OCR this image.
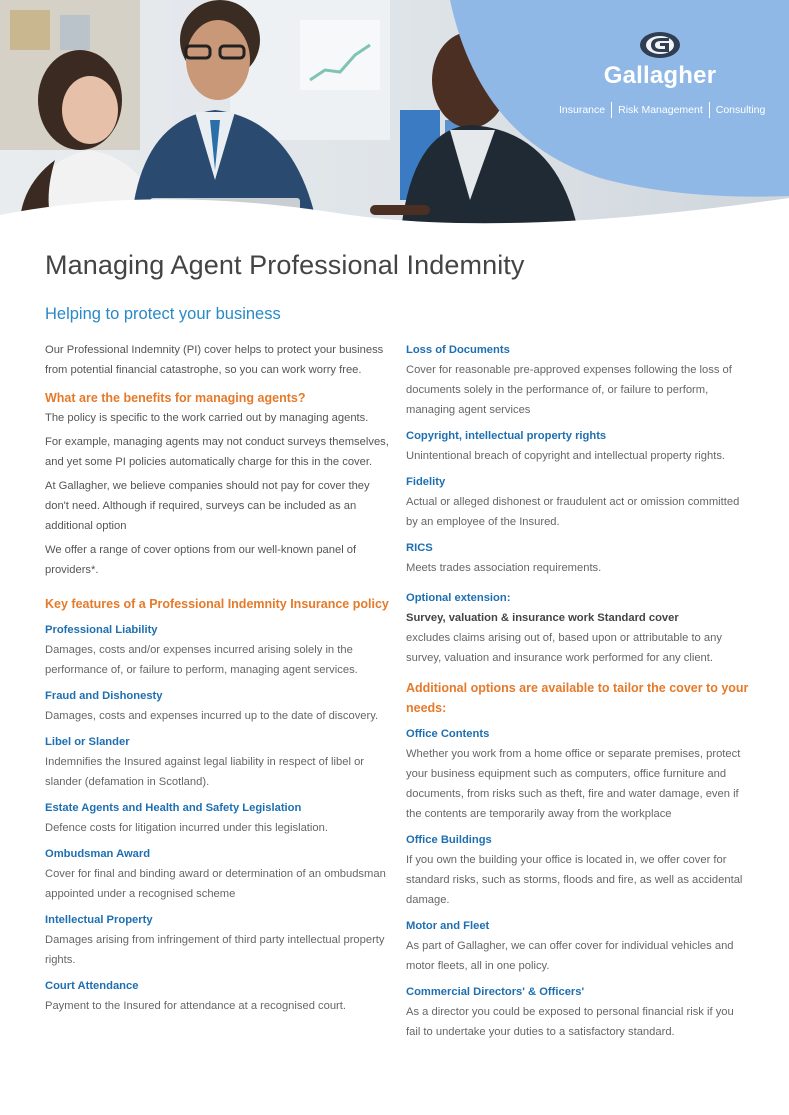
Gallagher
Insurance Risk Management Consulting
Managing Agent Professional Indemnity
Helping to protect your business

Our Professional Indemnity (PI) cover helps to protect your business from potential financial catastrophe, so you can work worry free.

What are the benefits for managing agents?

The policy is specific to the work carried out by managing agents.

For example, managing agents may not conduct surveys themselves, and yet some PI policies automatically charge for this in the cover.

At Gallagher, we believe companies should not pay for cover they don't need. Although if required, surveys can be included as an additional option

We offer a range of cover options from our well-known panel of providers*.

Key features of a Professional Indemnity Insurance policy

Professional Liability

Damages, costs and/or expenses incurred arising solely in the performance of, or failure to perform, managing agent services.

Fraud and Dishonesty

Damages, costs and expenses incurred up to the date of discovery.

Libel or Slander

Indemnifies the Insured against legal liability in respect of libel or slander (defamation in Scotland).

Estate Agents and Health and Safety Legislation

Defence costs for litigation incurred under this legislation.

Ombudsman Award

Cover for final and binding award or determination of an ombudsman appointed under a recognised scheme

Intellectual Property

Damages arising from infringement of third party intellectual property rights.

Court Attendance

Payment to the Insured for attendance at a recognised court.

Loss of Documents

Cover for reasonable pre-approved expenses following the loss of documents solely in the performance of, or failure to perform, managing agent services

Copyright, intellectual property rights

Unintentional breach of copyright and intellectual property rights.

Fidelity

Actual or alleged dishonest or fraudulent act or omission committed by an employee of the Insured.

RICS

Meets trades association requirements.

Optional extension:

Survey, valuation & insurance work Standard cover

excludes claims arising out of, based upon or attributable to any survey, valuation and insurance work performed for any client.

Additional options are available to tailor the cover to your needs:

Office Contents

Whether you work from a home office or separate premises, protect your business equipment such as computers, office furniture and documents, from risks such as theft, fire and water damage, even if the contents are temporarily away from the workplace

Office Buildings

If you own the building your office is located in, we offer cover for standard risks, such as storms, floods and fire, as well as accidental damage.

Motor and Fleet

As part of Gallagher, we can offer cover for individual vehicles and motor fleets, all in one policy.

Commercial Directors' & Officers'

As a director you could be exposed to personal financial risk if you fail to undertake your duties to a satisfactory standard.
